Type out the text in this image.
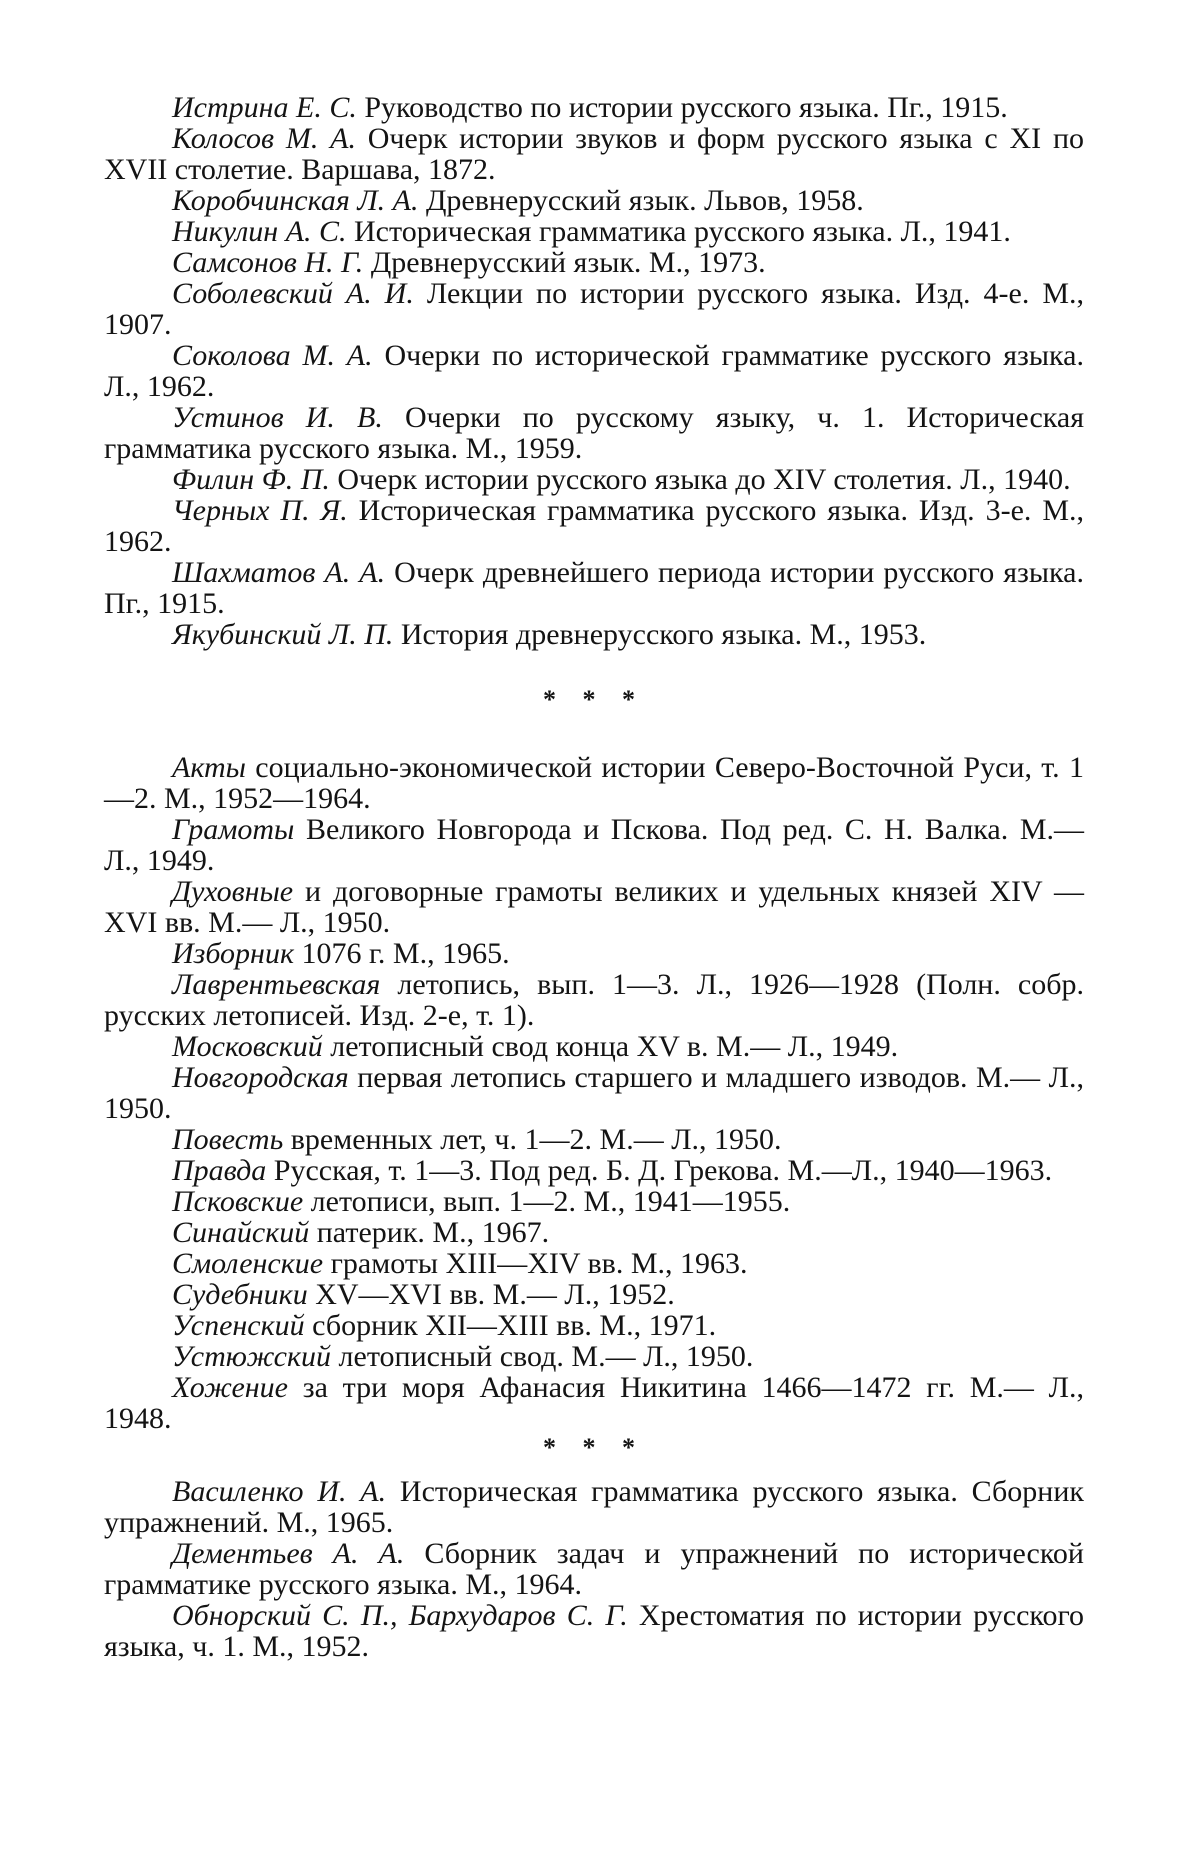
Истрина Е. С. Руководство по истории русского языка. Пг., 1915.
Колосов М. А. Очерк истории звуков и форм русского языка с XI по XVII столетие. Варшава, 1872.
Коробчинская Л. А. Древнерусский язык. Львов, 1958.
Никулин А. С. Историческая грамматика русского языка. Л., 1941.
Самсонов Н. Г. Древнерусский язык. М., 1973.
Соболевский А. И. Лекции по истории русского языка. Изд. 4-е. М., 1907.
Соколова М. А. Очерки по исторической грамматике русского языка. Л., 1962.
Устинов И. В. Очерки по русскому языку, ч. 1. Историческая грамматика русского языка. М., 1959.
Филин Ф. П. Очерк истории русского языка до XIV столетия. Л., 1940.
Черных П. Я. Историческая грамматика русского языка. Изд. 3-е. М., 1962.
Шахматов А. А. Очерк древнейшего периода истории русского языка. Пг., 1915.
Якубинский Л. П. История древнерусского языка. М., 1953.
* * *
Акты социально-экономической истории Северо-Восточной Руси, т. 1—2. М., 1952—1964.
Грамоты Великого Новгорода и Пскова. Под ред. С. Н. Валка. М.— Л., 1949.
Духовные и договорные грамоты великих и удельных князей XIV —XVI вв. М.— Л., 1950.
Изборник 1076 г. М., 1965.
Лаврентьевская летопись, вып. 1—3. Л., 1926—1928 (Полн. собр. русских летописей. Изд. 2-е, т. 1).
Московский летописный свод конца XV в. М.— Л., 1949.
Новгородская первая летопись старшего и младшего изводов. М.— Л., 1950.
Повесть временных лет, ч. 1—2. М.— Л., 1950.
Правда Русская, т. 1—3. Под ред. Б. Д. Грекова. М.—Л., 1940—1963.
Псковские летописи, вып. 1—2. М., 1941—1955.
Синайский патерик. М., 1967.
Смоленские грамоты XIII—XIV вв. М., 1963.
Судебники XV—XVI вв. М.— Л., 1952.
Успенский сборник XII—XIII вв. М., 1971.
Устюжский летописный свод. М.— Л., 1950.
Хожение за три моря Афанасия Никитина 1466—1472 гг. М.— Л., 1948.
* * *
Василенко И. А. Историческая грамматика русского языка. Сборник упражнений. М., 1965.
Дементьев А. А. Сборник задач и упражнений по исторической грамматике русского языка. М., 1964.
Обнорский С. П., Бархударов С. Г. Хрестоматия по истории русского языка, ч. 1. М., 1952.
